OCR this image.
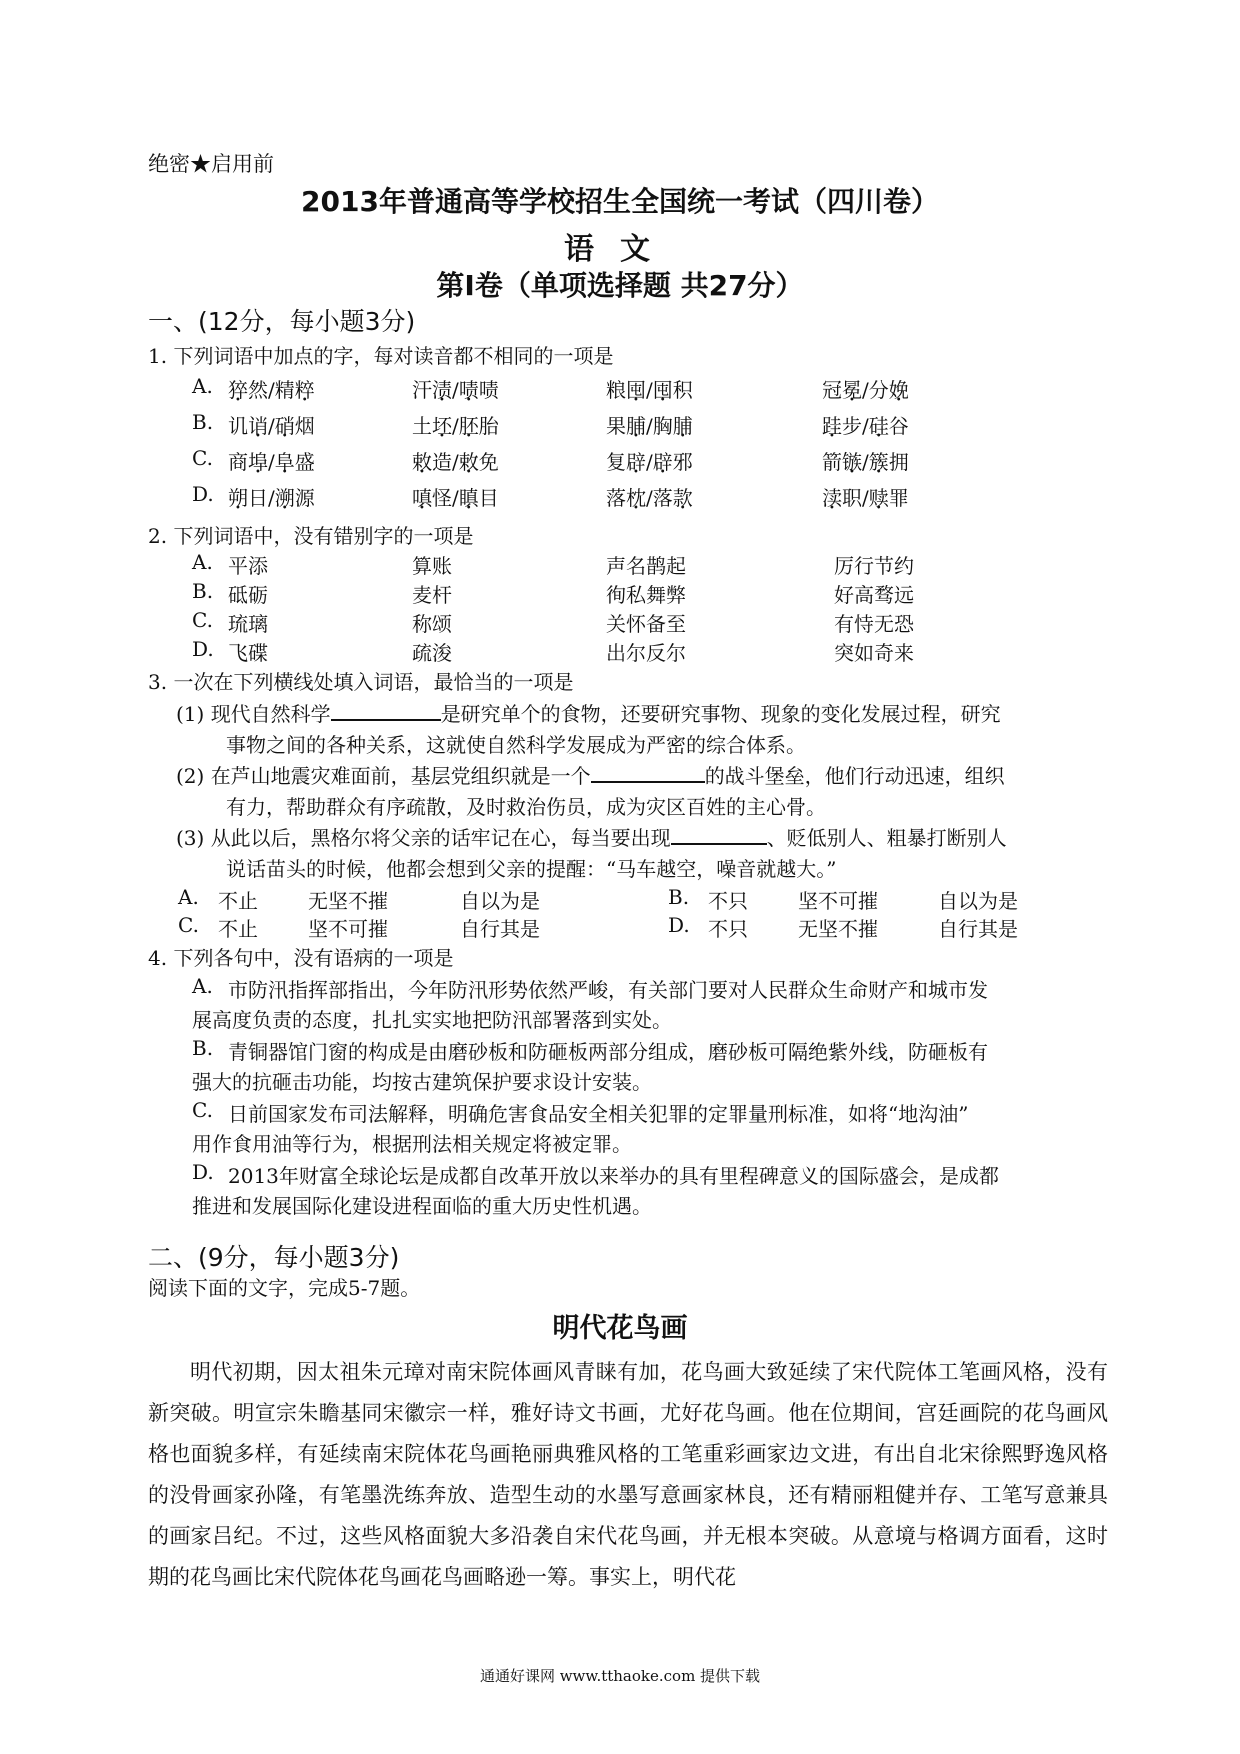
绝密★启用前
2013年普通高等学校招生全国统一考试（四川卷）
语文
第I卷（单项选择题 共27分）
一、(12分，每小题3分)
1. 下列词语中加点的字，每对读音都不相同的一项是
A. 猝然/精粹	汗渍/啧啧	粮囤/囤积	冠冕/分娩
B. 讥诮/硝烟	土坯/胚胎	果脯/胸脯	跬步/硅谷
C. 商埠/阜盛	敕造/敕免	复辟/辟邪	箭镞/簇拥
D. 朔日/溯源	嗔怪/瞋目	落枕/落款	渎职/赎罪
2. 下列词语中，没有错别字的一项是
A. 平添	算账	声名鹊起	厉行节约
B. 砥砺	麦杆	徇私舞弊	好高骛远
C. 琉璃	称颂	关怀备至	有恃无恐
D. 飞碟	疏浚	出尔反尔	突如奇来
3. 一次在下列横线处填入词语，最恰当的一项是
(1) 现代自然科学	是研究单个的食物，还要研究事物、现象的变化发展过程，研究
事物之间的各种关系，这就使自然科学发展成为严密的综合体系。
(2) 在芦山地震灾难面前，基层党组织就是一个	的战斗堡垒，他们行动迅速，组织
有力，帮助群众有序疏散，及时救治伤员，成为灾区百姓的主心骨。
(3) 从此以后，黑格尔将父亲的话牢记在心，每当要出现	、贬低别人、粗暴打断别人
说话苗头的时候，他都会想到父亲的提醒：“马车越空，噪音就越大。”
A. 不止	无坚不摧	自以为是	B. 不只	坚不可摧	自以为是
C. 不止	坚不可摧	自行其是	D. 不只	无坚不摧	自行其是
4. 下列各句中，没有语病的一项是
A. 市防汛指挥部指出，今年防汛形势依然严峻，有关部门要对人民群众生命财产和城市发
展高度负责的态度，扎扎实实地把防汛部署落到实处。
B. 青铜器馆门窗的构成是由磨砂板和防砸板两部分组成，磨砂板可隔绝紫外线，防砸板有
强大的抗砸击功能，均按古建筑保护要求设计安装。
C. 日前国家发布司法解释，明确危害食品安全相关犯罪的定罪量刑标准，如将“地沟油”
用作食用油等行为，根据刑法相关规定将被定罪。
D. 2013年财富全球论坛是成都自改革开放以来举办的具有里程碑意义的国际盛会，是成都
推进和发展国际化建设进程面临的重大历史性机遇。
二、(9分，每小题3分)
阅读下面的文字，完成5-7题。
明代花鸟画
明代初期，因太祖朱元璋对南宋院体画风青睐有加，花鸟画大致延续了宋代院体工笔画风格，没有新突破。明宣宗朱瞻基同宋徽宗一样，雅好诗文书画，尤好花鸟画。他在位期间，宫廷画院的花鸟画风格也面貌多样，有延续南宋院体花鸟画艳丽典雅风格的工笔重彩画家边文进，有出自北宋徐熙野逸风格的没骨画家孙隆，有笔墨洗练奔放、造型生动的水墨写意画家林良，还有精丽粗健并存、工笔写意兼具的画家吕纪。不过，这些风格面貌大多沿袭自宋代花鸟画，并无根本突破。从意境与格调方面看，这时期的花鸟画比宋代院体花鸟画花鸟画略逊一筹。事实上，明代花
通通好课网 www.tthaoke.com 提供下载
